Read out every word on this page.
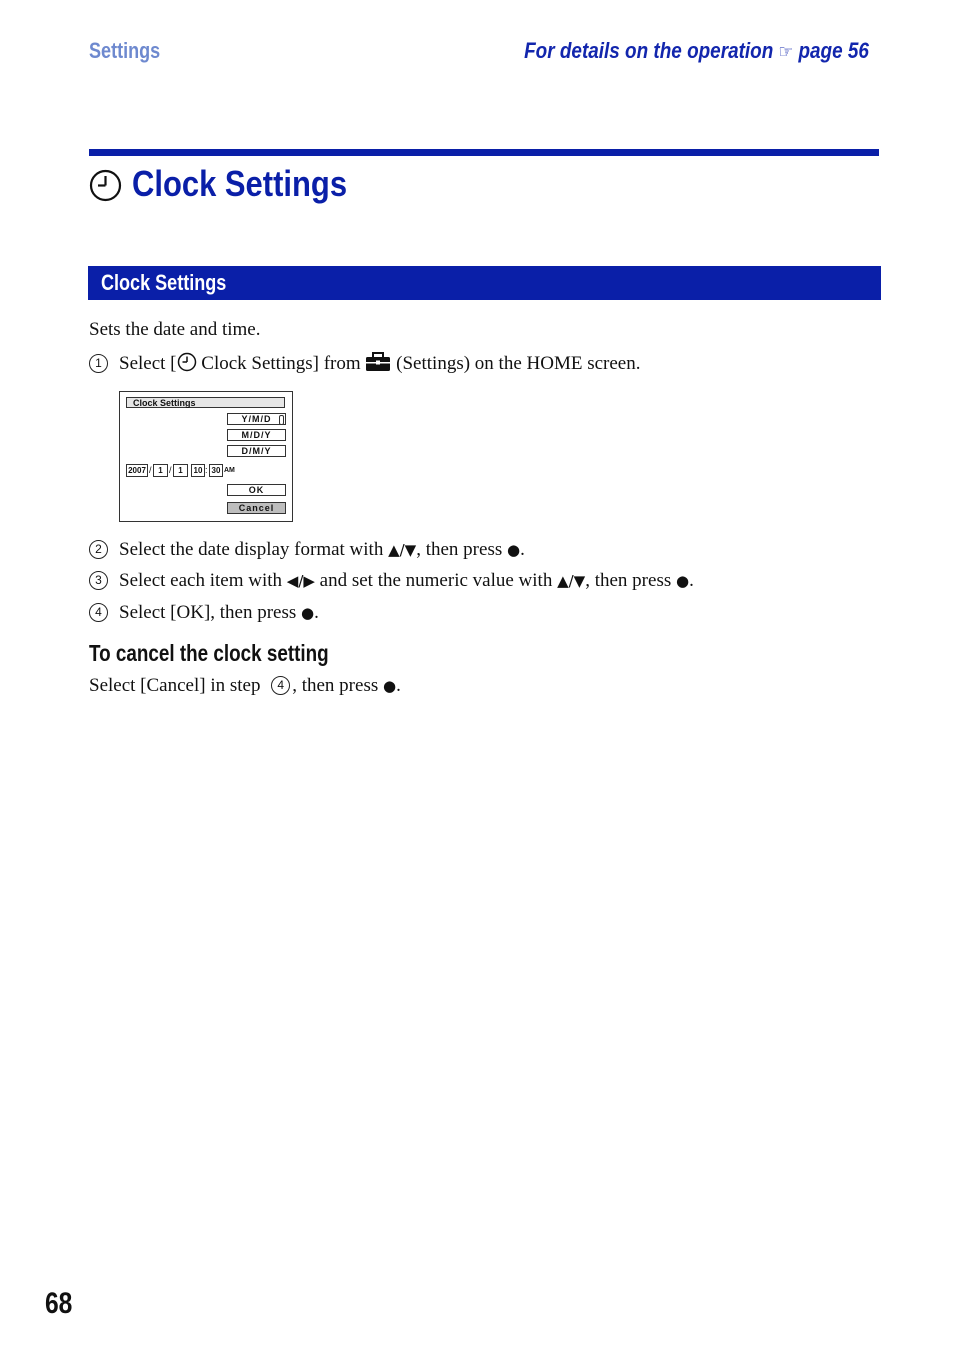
Settings	For details on the operation ☞ page 56
Clock Settings
Clock Settings
Sets the date and time.
1 Select [ Clock Settings] from  (Settings) on the HOME screen.
Clock Settings
Y/M/D
M/D/Y
D/M/Y
2007 / 1 / 1	10 : 30 AM
OK
Cancel
2 Select the date display format with ▲/▼, then press ●.
3 Select each item with ◀/▶ and set the numeric value with ▲/▼, then press ●.
4 Select [OK], then press ●.
To cancel the clock setting
Select [Cancel] in step 4 , then press ●.
68
